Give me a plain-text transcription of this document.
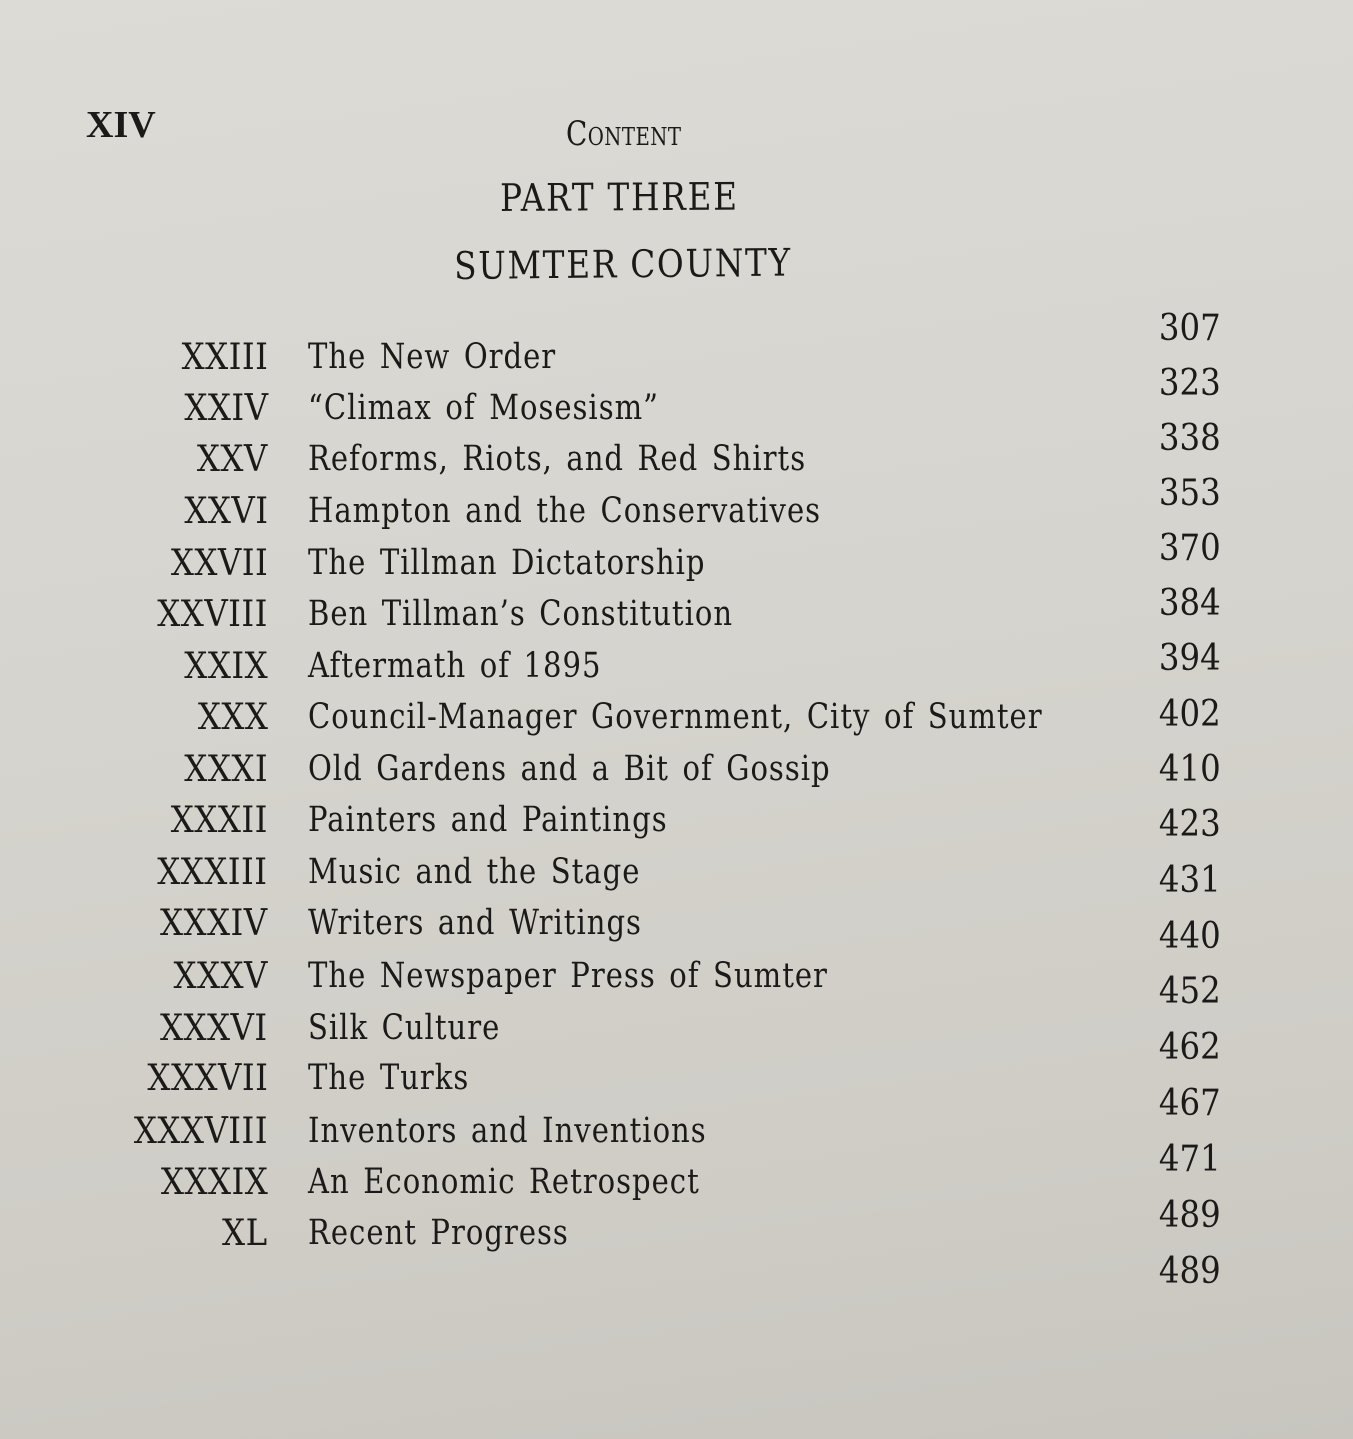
XIV	Content
PART THREE
SUMTER COUNTY
XXIII The New Order
XXIV “Climax of Mosesism”
XXV Reforms, Riots, and Red Shirts
XXVI Hampton and the Conservatives
XXVII The Tillman Dictatorship
XXVIII Ben Tillman’s Constitution
XXIX Aftermath of 1895
XXX Council-Manager Government, City of Sumter
XXXI Old Gardens and a Bit of Gossip
XXXII Painters and Paintings
XXXIII Music and the Stage
XXXIV Writers and Writings
XXXV The Newspaper Press of Sumter
XXXVI Silk Culture
XXXVII The Turks
XXXVIII Inventors and Inventions
XXXIX An Economic Retrospect
XL Recent Progress
307
323
338
353
370
384
394
402
410
423
431
440
452
462
467
471
489
489
